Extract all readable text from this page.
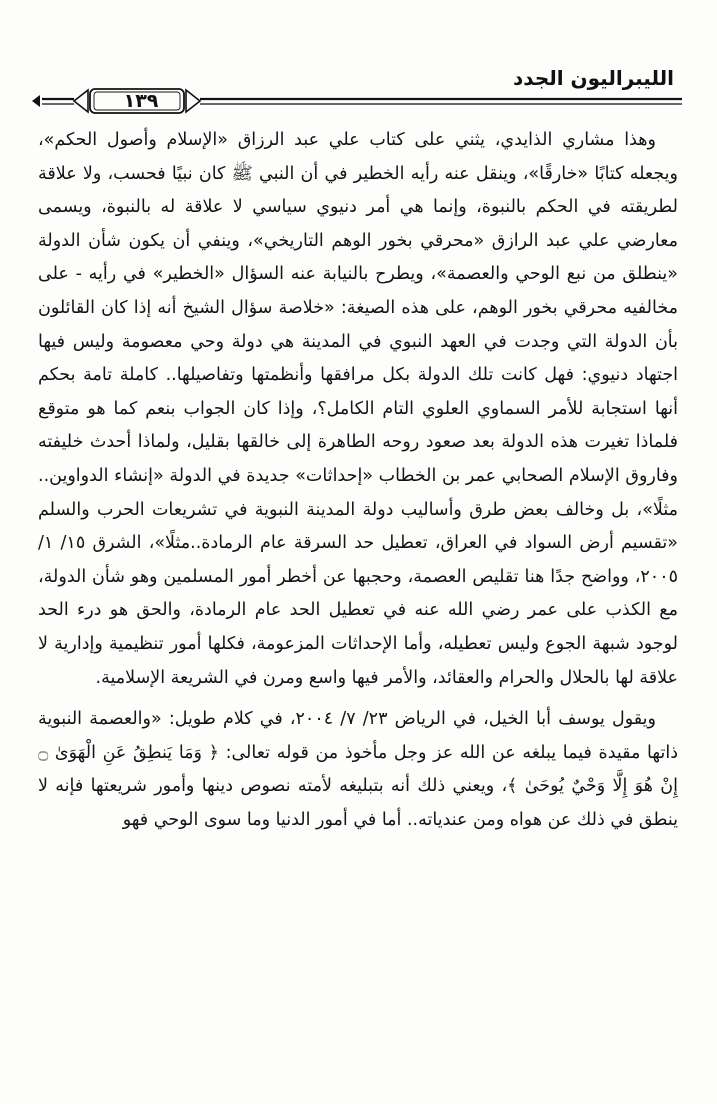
الليبراليون الجدد
١٣٩

وهذا مشاري الذايدي، يثني على كتاب علي عبد الرزاق «الإسلام وأصول الحكم»، ويجعله كتابًا «خارقًا»، وينقل عنه رأيه الخطير في أن النبي ﷺ كان نبيًا فحسب، ولا علاقة لطريقته في الحكم بالنبوة، وإنما هي أمر دنيوي سياسي لا علاقة له بالنبوة، ويسمى معارضي علي عبد الرازق «محرقي بخور الوهم التاريخي»، وينفي أن يكون شأن الدولة «ينطلق من نبع الوحي والعصمة»، ويطرح بالنيابة عنه السؤال «الخطير» في رأيه - على مخالفيه محرقي بخور الوهم، على هذه الصيغة: «خلاصة سؤال الشيخ أنه إذا كان القائلون بأن الدولة التي وجدت في العهد النبوي في المدينة هي دولة وحي معصومة وليس فيها اجتهاد دنيوي: فهل كانت تلك الدولة بكل مرافقها وأنظمتها وتفاصيلها.. كاملة تامة بحكم أنها استجابة للأمر السماوي العلوي التام الكامل؟، وإذا كان الجواب بنعم كما هو متوقع فلماذا تغيرت هذه الدولة بعد صعود روحه الطاهرة إلى خالقها بقليل، ولماذا أحدث خليفته وفاروق الإسلام الصحابي عمر بن الخطاب «إحداثات» جديدة في الدولة «إنشاء الدواوين.. مثلًا»، بل وخالف بعض طرق وأساليب دولة المدينة النبوية في تشريعات الحرب والسلم «تقسيم أرض السواد في العراق، تعطيل حد السرقة عام الرمادة..مثلًا»، الشرق ١٥/ ١/ ٢٠٠٥، وواضح جدًا هنا تقليص العصمة، وحجبها عن أخطر أمور المسلمين وهو شأن الدولة، مع الكذب على عمر رضي الله عنه في تعطيل الحد عام الرمادة، والحق هو درء الحد لوجود شبهة الجوع وليس تعطيله، وأما الإحداثات المزعومة، فكلها أمور تنظيمية وإدارية لا علاقة لها بالحلال والحرام والعقائد، والأمر فيها واسع ومرن في الشريعة الإسلامية.

ويقول يوسف أبا الخيل، في الرياض ٢٣/ ٧/ ٢٠٠٤، في كلام طويل: «والعصمة النبوية ذاتها مقيدة فيما يبلغه عن الله عز وجل مأخوذ من قوله تعالى: ﴿ وَمَا يَنطِقُ عَنِ الْهَوَىٰ ۝ إِنْ هُوَ إِلَّا وَحْيٌ يُوحَىٰ ﴾، ويعني ذلك أنه بتبليغه لأمته نصوص دينها وأمور شريعتها فإنه لا ينطق في ذلك عن هواه ومن عندياته.. أما في أمور الدنيا وما سوى الوحي فهو
